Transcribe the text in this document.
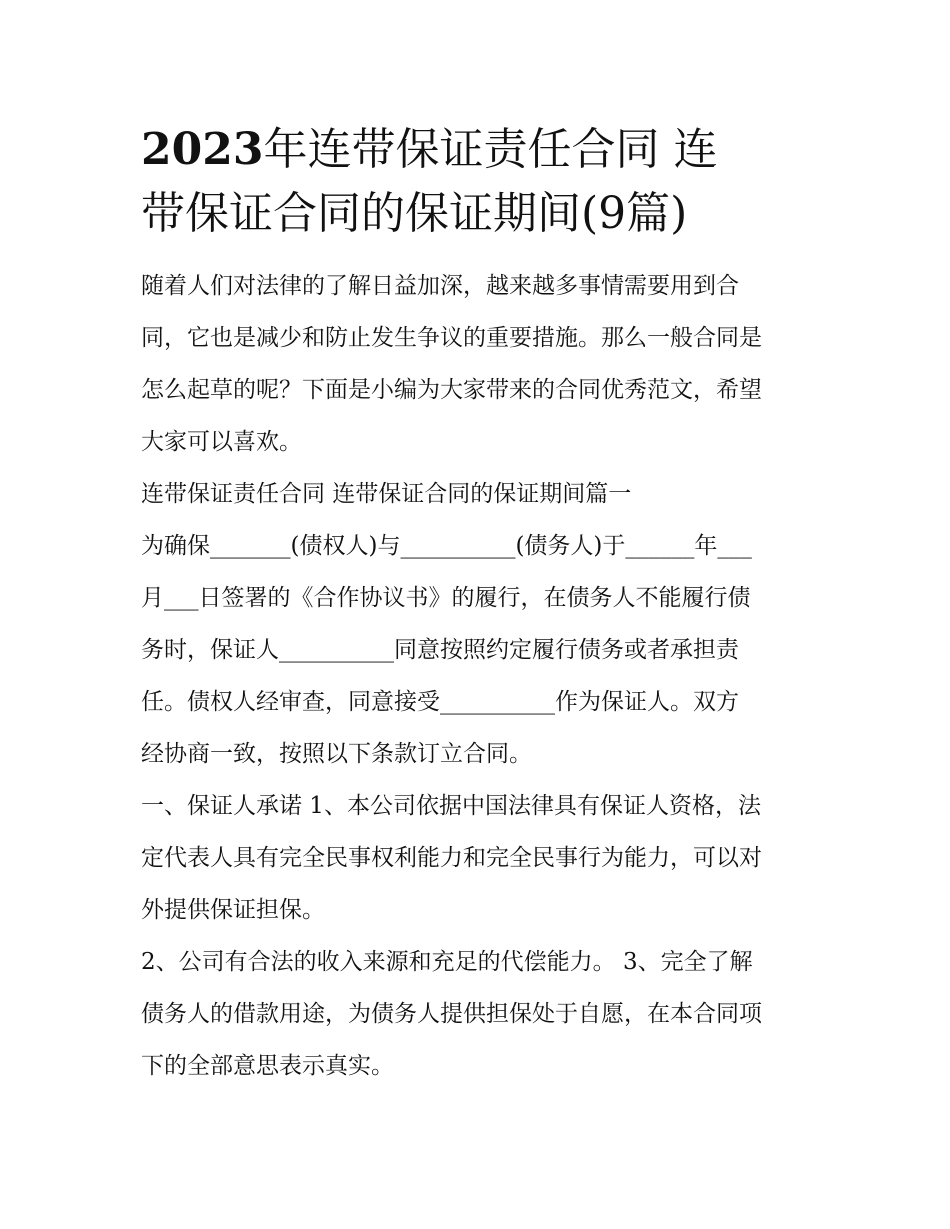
2023年连带保证责任合同 连
带保证合同的保证期间(9篇)

随着人们对法律的了解日益加深，越来越多事情需要用到合
同，它也是减少和防止发生争议的重要措施。那么一般合同是
怎么起草的呢？下面是小编为大家带来的合同优秀范文，希望
大家可以喜欢。

连带保证责任合同 连带保证合同的保证期间篇一

为确保_______(债权人)与__________(债务人)于______年___
月___日签署的《合作协议书》的履行，在债务人不能履行债
务时，保证人__________同意按照约定履行债务或者承担责
任。债权人经审查，同意接受__________作为保证人。双方
经协商一致，按照以下条款订立合同。

一、保证人承诺 1、本公司依据中国法律具有保证人资格，法
定代表人具有完全民事权利能力和完全民事行为能力，可以对
外提供保证担保。

2、公司有合法的收入来源和充足的代偿能力。 3、完全了解
债务人的借款用途，为债务人提供担保处于自愿，在本合同项
下的全部意思表示真实。
